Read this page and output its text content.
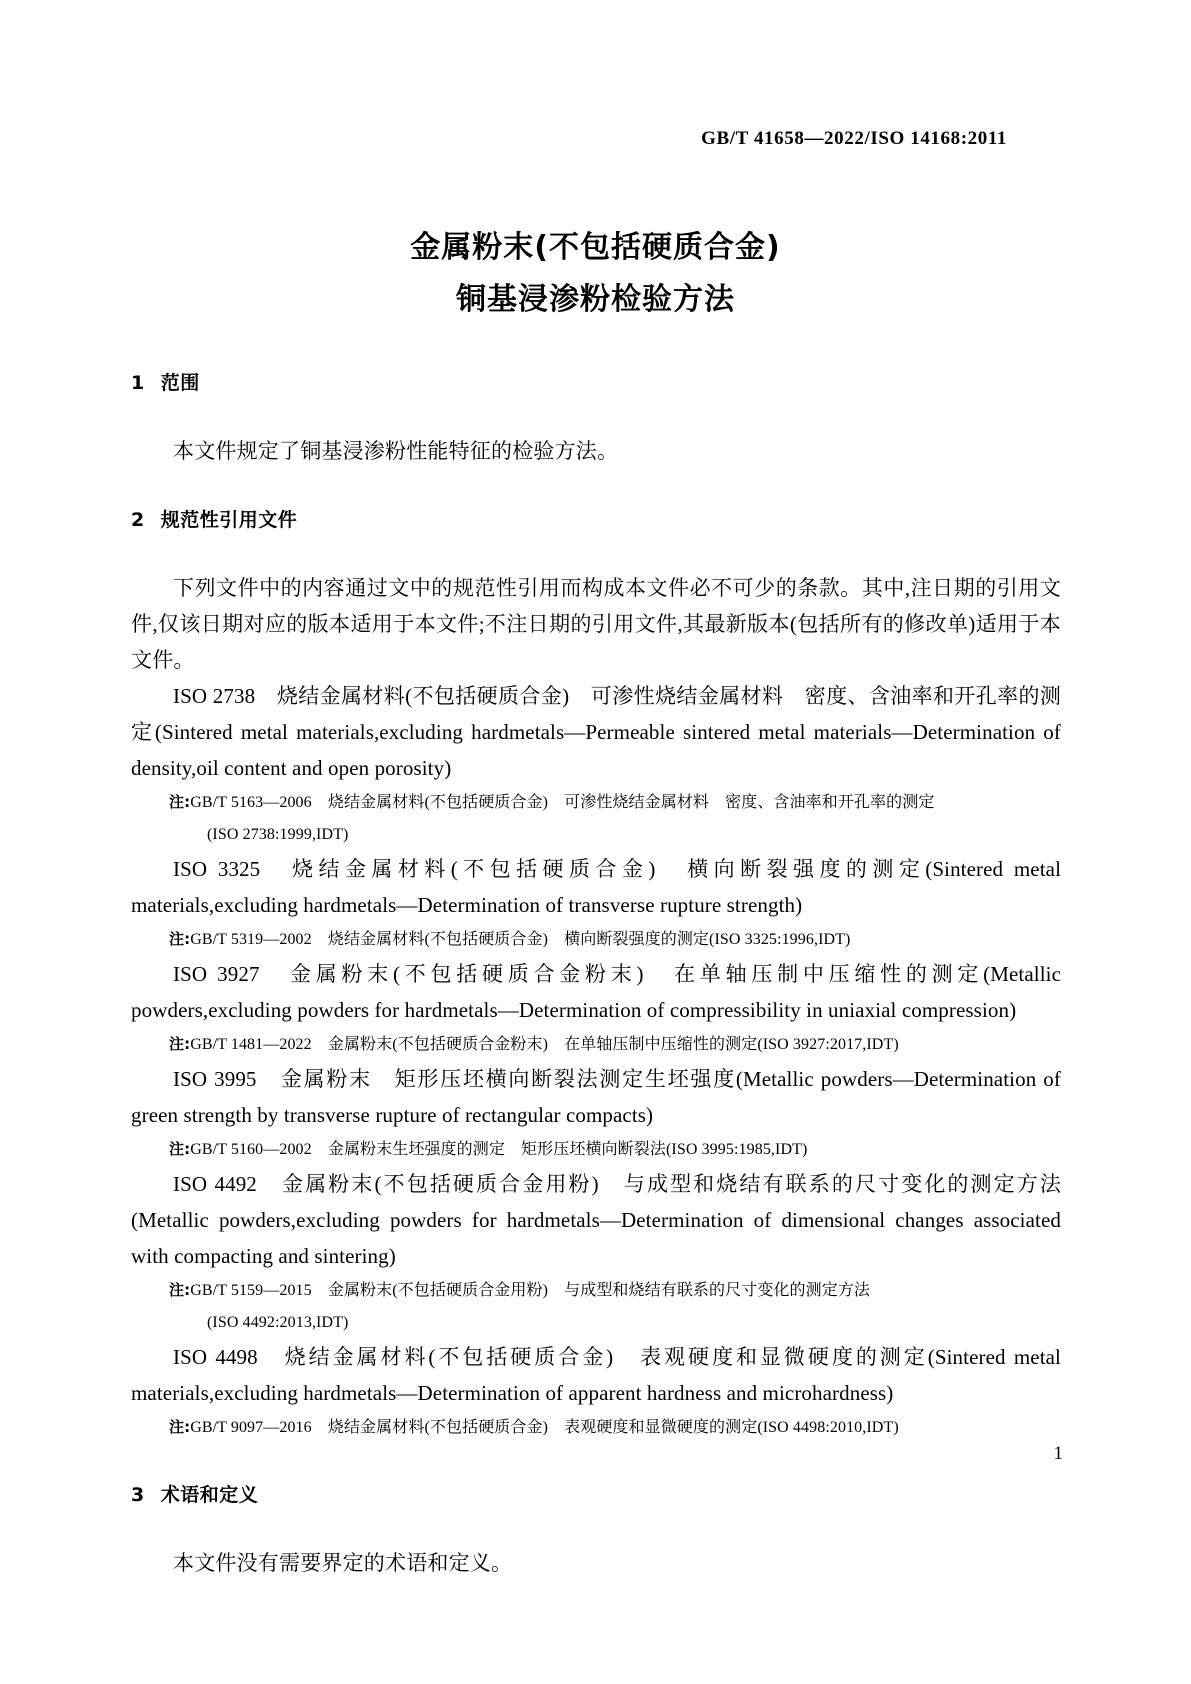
GB/T 41658—2022/ISO 14168:2011
金属粉末(不包括硬质合金)
铜基浸渗粉检验方法
1 范围

本文件规定了铜基浸渗粉性能特征的检验方法。

2 规范性引用文件

下列文件中的内容通过文中的规范性引用而构成本文件必不可少的条款。其中,注日期的引用文件,仅该日期对应的版本适用于本文件;不注日期的引用文件,其最新版本(包括所有的修改单)适用于本文件。

ISO 2738　烧结金属材料(不包括硬质合金)　可渗性烧结金属材料　密度、含油率和开孔率的测定(Sintered metal materials,excluding hardmetals—Permeable sintered metal materials—Determination of density,oil content and open porosity)

注:GB/T 5163—2006　烧结金属材料(不包括硬质合金)　可渗性烧结金属材料　密度、含油率和开孔率的测定

(ISO 2738:1999,IDT)

ISO 3325　烧结金属材料(不包括硬质合金)　横向断裂强度的测定(Sintered metal materials,excluding hardmetals—Determination of transverse rupture strength)

注:GB/T 5319—2002　烧结金属材料(不包括硬质合金)　横向断裂强度的测定(ISO 3325:1996,IDT)

ISO 3927　金属粉末(不包括硬质合金粉末)　在单轴压制中压缩性的测定(Metallic powders,excluding powders for hardmetals—Determination of compressibility in uniaxial compression)

注:GB/T 1481—2022　金属粉末(不包括硬质合金粉末)　在单轴压制中压缩性的测定(ISO 3927:2017,IDT)

ISO 3995　金属粉末　矩形压坯横向断裂法测定生坯强度(Metallic powders—Determination of green strength by transverse rupture of rectangular compacts)

注:GB/T 5160—2002　金属粉末生坯强度的测定　矩形压坯横向断裂法(ISO 3995:1985,IDT)

ISO 4492　金属粉末(不包括硬质合金用粉)　与成型和烧结有联系的尺寸变化的测定方法(Metallic powders,excluding powders for hardmetals—Determination of dimensional changes associated with compacting and sintering)

注:GB/T 5159—2015　金属粉末(不包括硬质合金用粉)　与成型和烧结有联系的尺寸变化的测定方法

(ISO 4492:2013,IDT)

ISO 4498　烧结金属材料(不包括硬质合金)　表观硬度和显微硬度的测定(Sintered metal materials,excluding hardmetals—Determination of apparent hardness and microhardness)

注:GB/T 9097—2016　烧结金属材料(不包括硬质合金)　表观硬度和显微硬度的测定(ISO 4498:2010,IDT)

3 术语和定义

本文件没有需要界定的术语和定义。

1
